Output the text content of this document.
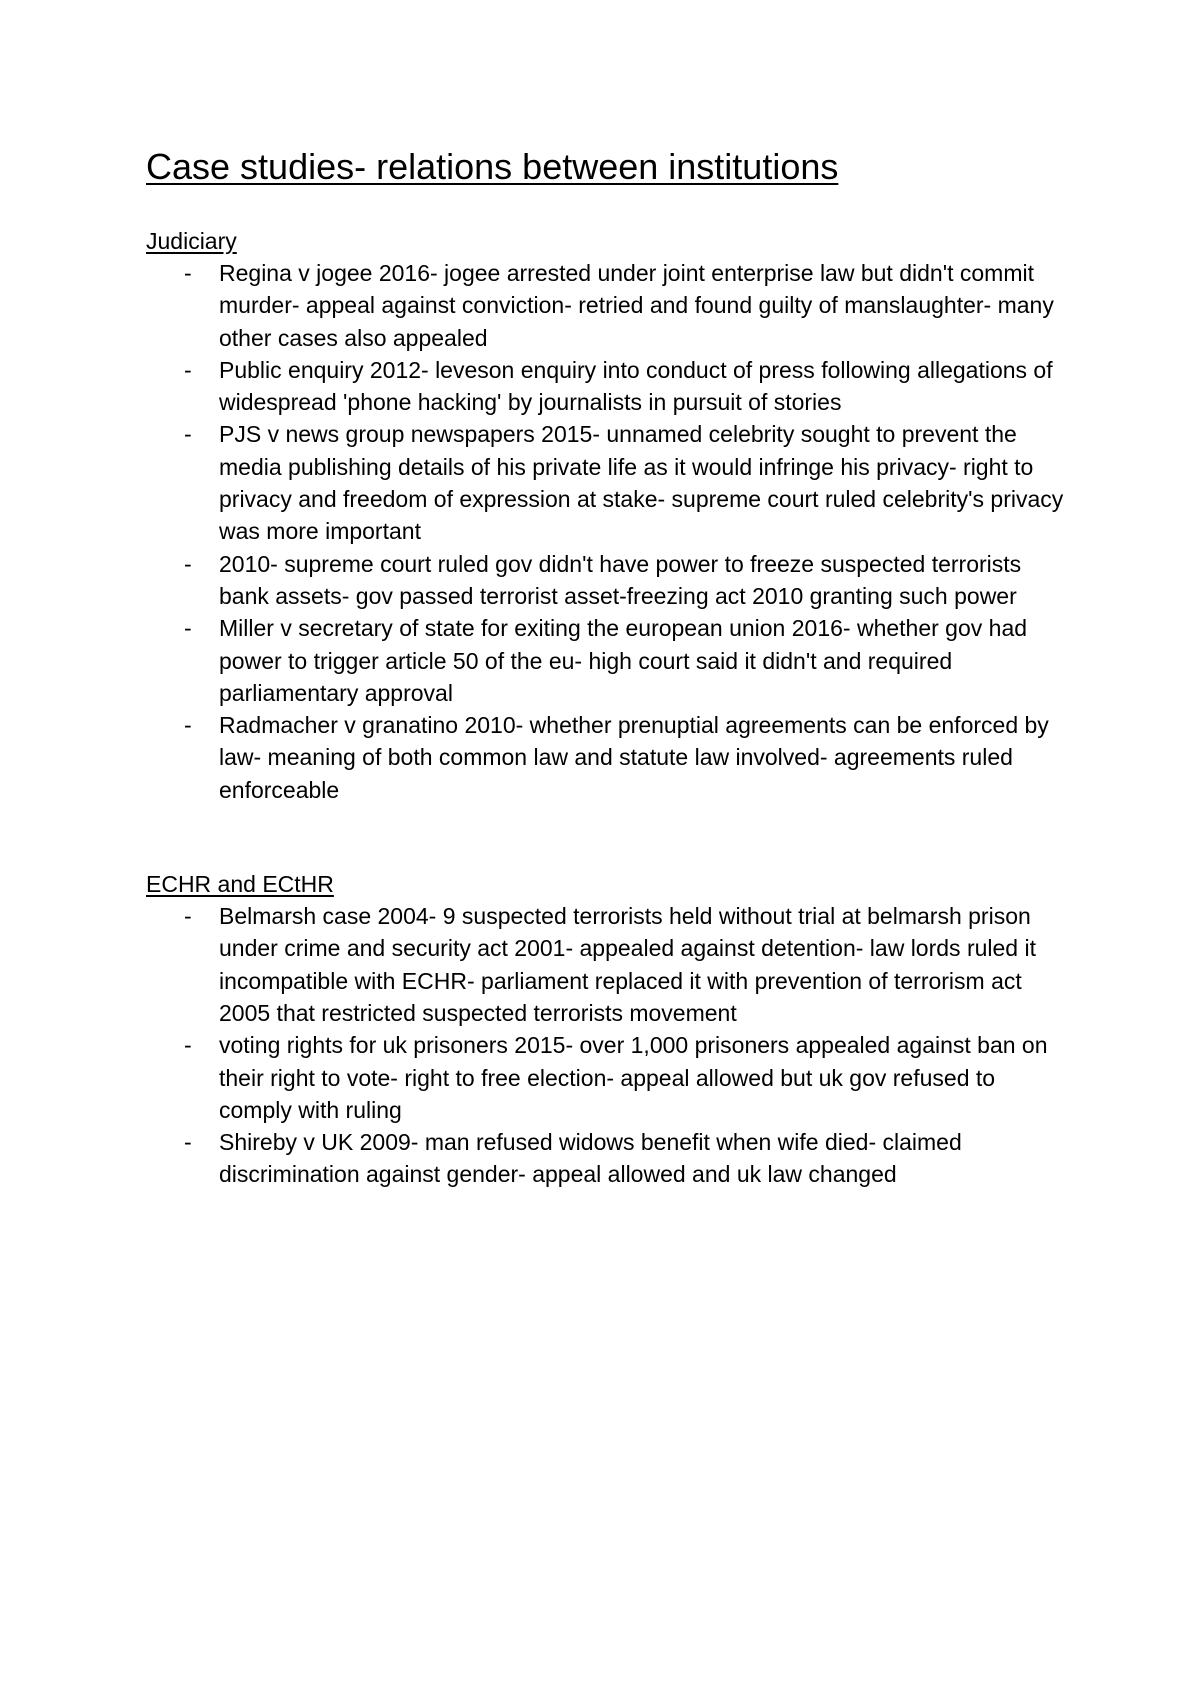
Case studies- relations between institutions
Judiciary
- Regina v jogee 2016- jogee arrested under joint enterprise law but didn't commit murder- appeal against conviction- retried and found guilty of manslaughter- many other cases also appealed
- Public enquiry 2012- leveson enquiry into conduct of press following allegations of widespread 'phone hacking' by journalists in pursuit of stories
- PJS v news group newspapers 2015- unnamed celebrity sought to prevent the media publishing details of his private life as it would infringe his privacy- right to privacy and freedom of expression at stake- supreme court ruled celebrity's privacy was more important
- 2010- supreme court ruled gov didn't have power to freeze suspected terrorists bank assets- gov passed terrorist asset-freezing act 2010 granting such power
- Miller v secretary of state for exiting the european union 2016- whether gov had power to trigger article 50 of the eu- high court said it didn't and required parliamentary approval
- Radmacher v granatino 2010- whether prenuptial agreements can be enforced by law- meaning of both common law and statute law involved- agreements ruled enforceable
ECHR and ECtHR
- Belmarsh case 2004- 9 suspected terrorists held without trial at belmarsh prison under crime and security act 2001- appealed against detention- law lords ruled it incompatible with ECHR- parliament replaced it with prevention of terrorism act 2005 that restricted suspected terrorists movement
- voting rights for uk prisoners 2015- over 1,000 prisoners appealed against ban on their right to vote- right to free election- appeal allowed but uk gov refused to comply with ruling
- Shireby v UK 2009- man refused widows benefit when wife died- claimed discrimination against gender- appeal allowed and uk law changed
